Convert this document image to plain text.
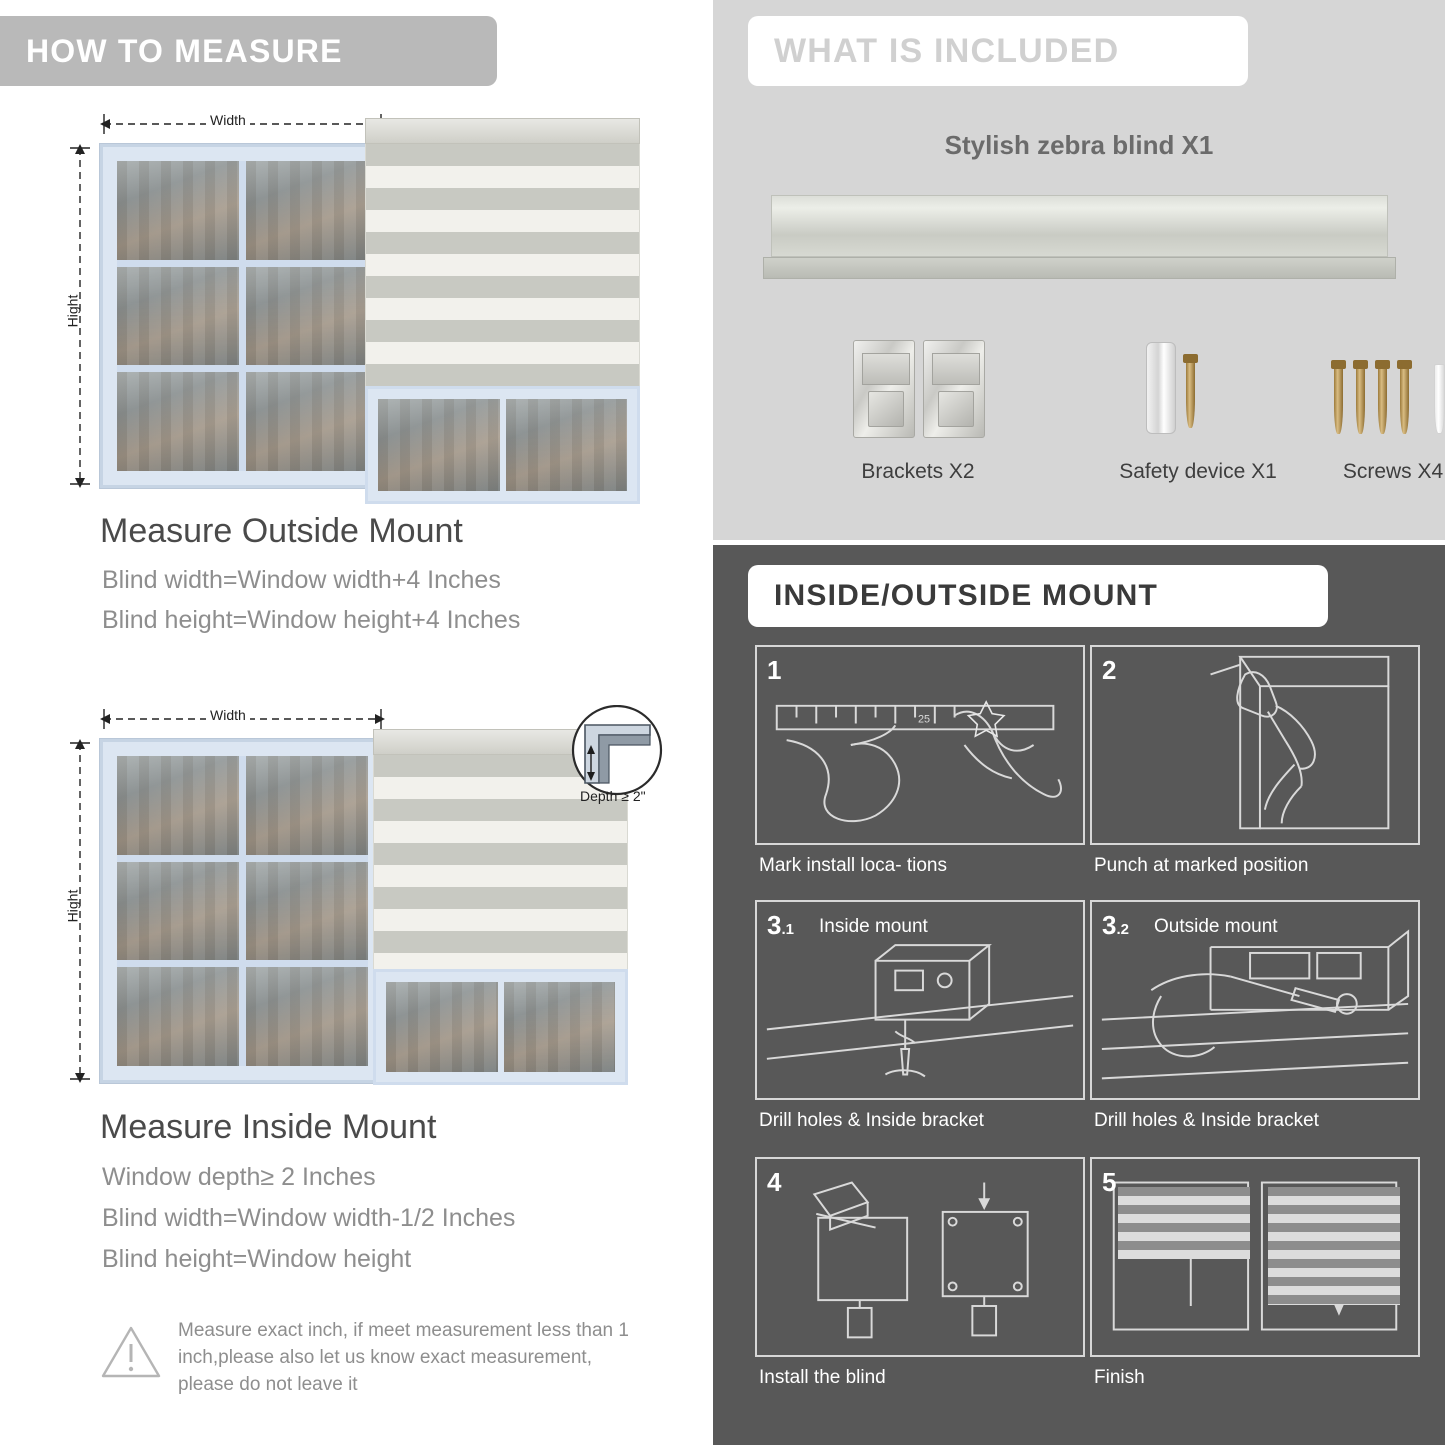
HOW TO MEASURE
Width
Hight
Measure Outside Mount
Blind width=Window width+4 Inches
Blind height=Window height+4 Inches
Width
Hight
Depth ≥ 2"
Measure Inside Mount
Window depth≥ 2 Inches
Blind width=Window width-1/2 Inches
Blind height=Window height
Measure exact inch, if meet measurement less than 1 inch,please also let us know exact measurement, please do not leave it
WHAT IS INCLUDED
Stylish zebra blind X1
Brackets X2	Safety device X1	Screws X4
INSIDE/OUTSIDE MOUNT
25
1
Mark install loca- tions
2
Punch at marked position
3.1 Inside mount
Drill holes & Inside bracket
3.2 Outside mount
Drill holes & Inside bracket
4
Install the blind
5
Finish
